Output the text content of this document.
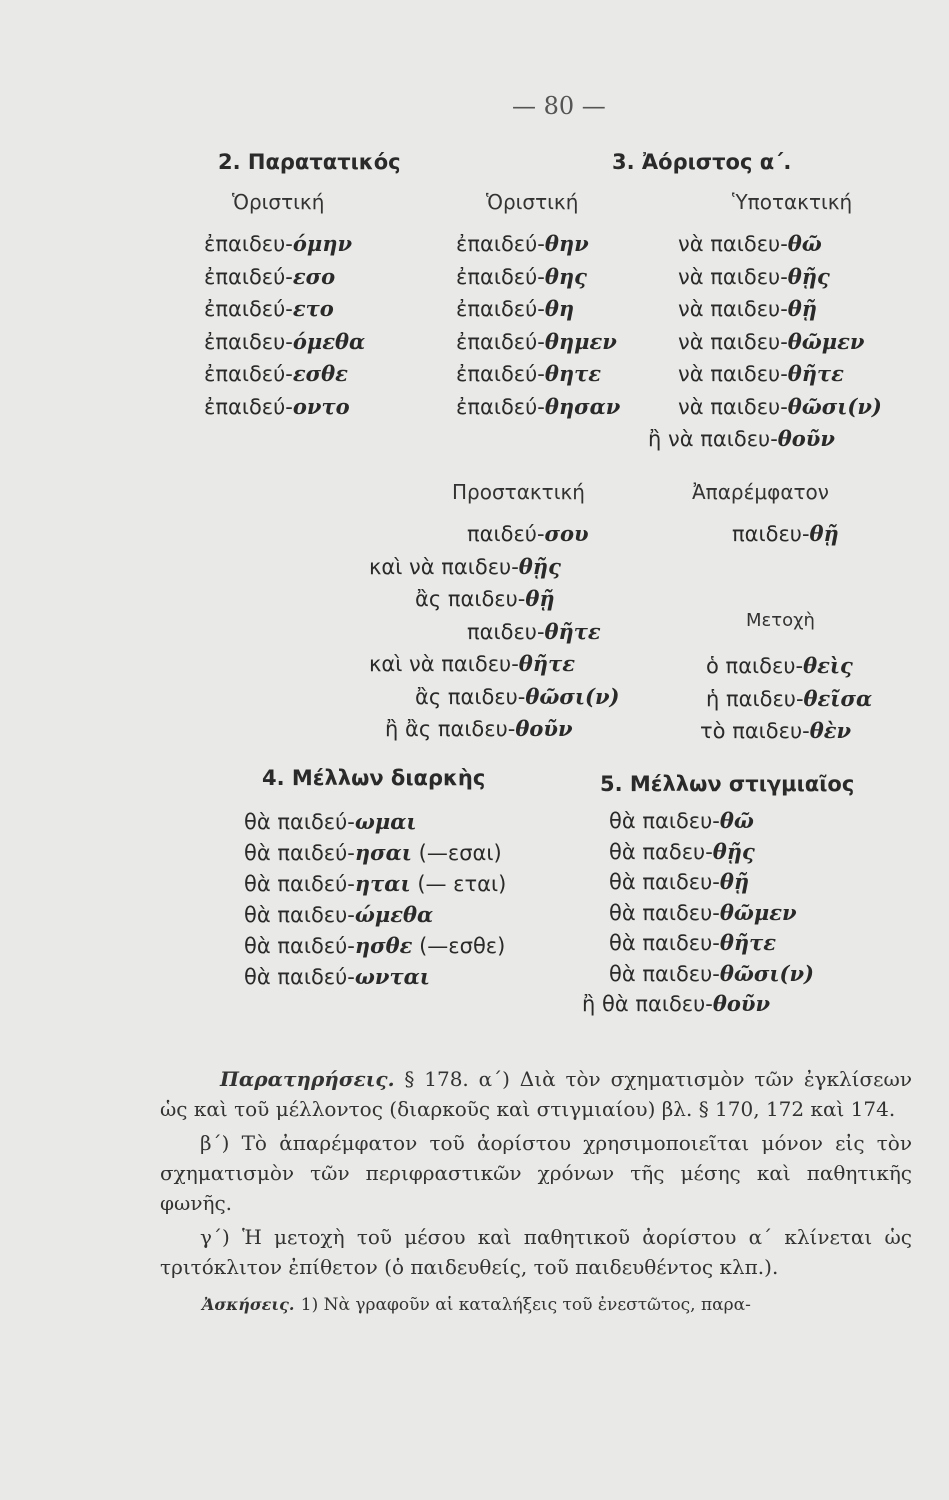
— 80 —
2. Παρατατικός
Ὁριστική
ἐπαιδευ-όμην
ἐπαιδεύ-εσο
ἐπαιδεύ-ετο
ἐπαιδευ-όμεθα
ἐπαιδεύ-εσθε
ἐπαιδεύ-οντο
3. Ἀόριστος α΄.
Ὁριστική	Ὑποτακτική
ἐπαιδεύ-θην
ἐπαιδεύ-θης
ἐπαιδεύ-θη
ἐπαιδεύ-θημεν
ἐπαιδεύ-θητε
ἐπαιδεύ-θησαν
νὰ παιδευ-θῶ
νὰ παιδευ-θῇς
νὰ παιδευ-θῇ
νὰ παιδευ-θῶμεν
νὰ παιδευ-θῆτε
νὰ παιδευ-θῶσι(ν)
ἢ νὰ παιδευ-θοῦν
Προστακτική	Ἀπαρέμφατον
παιδεύ-σου
καὶ νὰ παιδευ-θῇς
ἂς παιδευ-θῇ
παιδευ-θῆτε
καὶ νὰ παιδευ-θῆτε
ἂς παιδευ-θῶσι(ν)
ἢ ἂς παιδευ-θοῦν
παιδευ-θῇ
Μετοχὴ
ὁ παιδευ-θεὶς
ἡ παιδευ-θεῖσα
τὸ παιδευ-θὲν
4. Μέλλων διαρκὴς
θὰ παιδεύ-ωμαι
θὰ παιδεύ-ησαι (—εσαι)
θὰ παιδεύ-ηται (— εται)
θὰ παιδευ-ώμεθα
θὰ παιδεύ-ησθε (—εσθε)
θὰ παιδεύ-ωνται
5. Μέλλων στιγμιαῖος
θὰ παιδευ-θῶ
θὰ παδευ-θῇς
θὰ παιδευ-θῇ
θὰ παιδευ-θῶμεν
θὰ παιδευ-θῆτε
θὰ παιδευ-θῶσι(ν)
ἢ θὰ παιδευ-θοῦν

Παρατηρήσεις. § 178. α΄) Διὰ τὸν σχηματισμὸν τῶν ἐγκλίσεων ὡς καὶ τοῦ μέλλοντος (διαρκοῦς καὶ στιγμιαίου) βλ. § 170, 172 καὶ 174.

β΄) Τὸ ἀπαρέμφατον τοῦ ἀορίστου χρησιμοποιεῖται μόνον εἰς τὸν σχηματισμὸν τῶν περιφραστικῶν χρόνων τῆς μέσης καὶ παθητικῆς φωνῆς.

γ΄) Ἡ μετοχὴ τοῦ μέσου καὶ παθητικοῦ ἀορίστου α΄ κλίνεται ὡς τριτόκλιτον ἐπίθετον (ὁ παιδευθείς, τοῦ παιδευθέντος κλπ.).

Ἀσκήσεις. 1) Νὰ γραφοῦν αἱ καταλήξεις τοῦ ἐνεστῶτος, παρα-
